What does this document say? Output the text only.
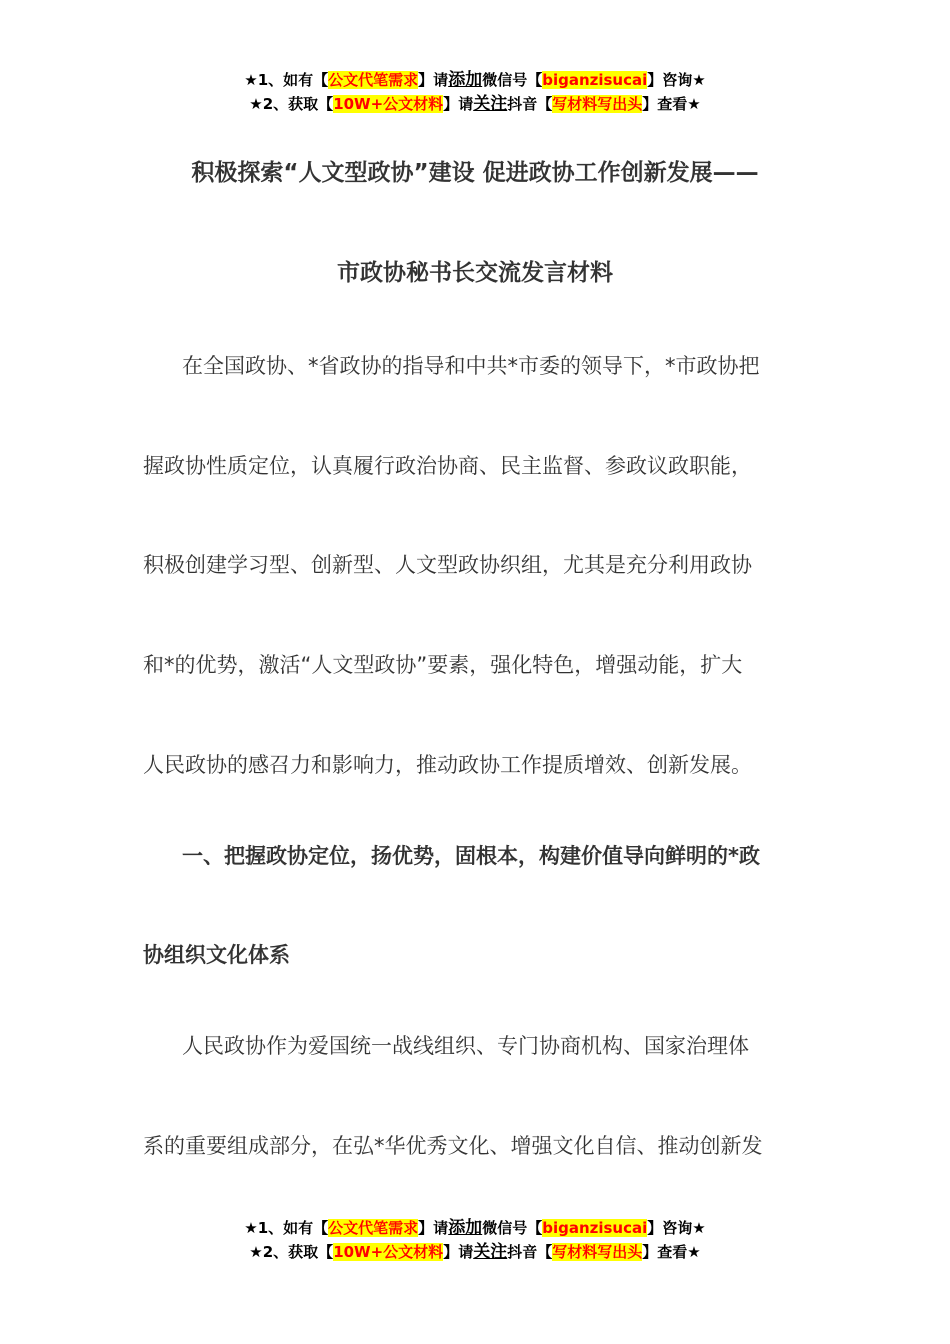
★1、如有【公文代笔需求】请添加微信号【biganzisucai】咨询★
★2、获取【10W+公文材料】请关注抖音【写材料写出头】查看★
积极探索“人文型政协”建设 促进政协工作创新发展——
市政协秘书长交流发言材料
在全国政协、*省政协的指导和中共*市委的领导下，*市政协把
握政协性质定位，认真履行政治协商、民主监督、参政议政职能，
积极创建学习型、创新型、人文型政协织组，尤其是充分利用政协
和*的优势，激活“人文型政协”要素，强化特色，增强动能，扩大
人民政协的感召力和影响力，推动政协工作提质增效、创新发展。
一、把握政协定位，扬优势，固根本，构建价值导向鲜明的*政
协组织文化体系
人民政协作为爱国统一战线组织、专门协商机构、国家治理体
系的重要组成部分，在弘*华优秀文化、增强文化自信、推动创新发
★1、如有【公文代笔需求】请添加微信号【biganzisucai】咨询★
★2、获取【10W+公文材料】请关注抖音【写材料写出头】查看★
